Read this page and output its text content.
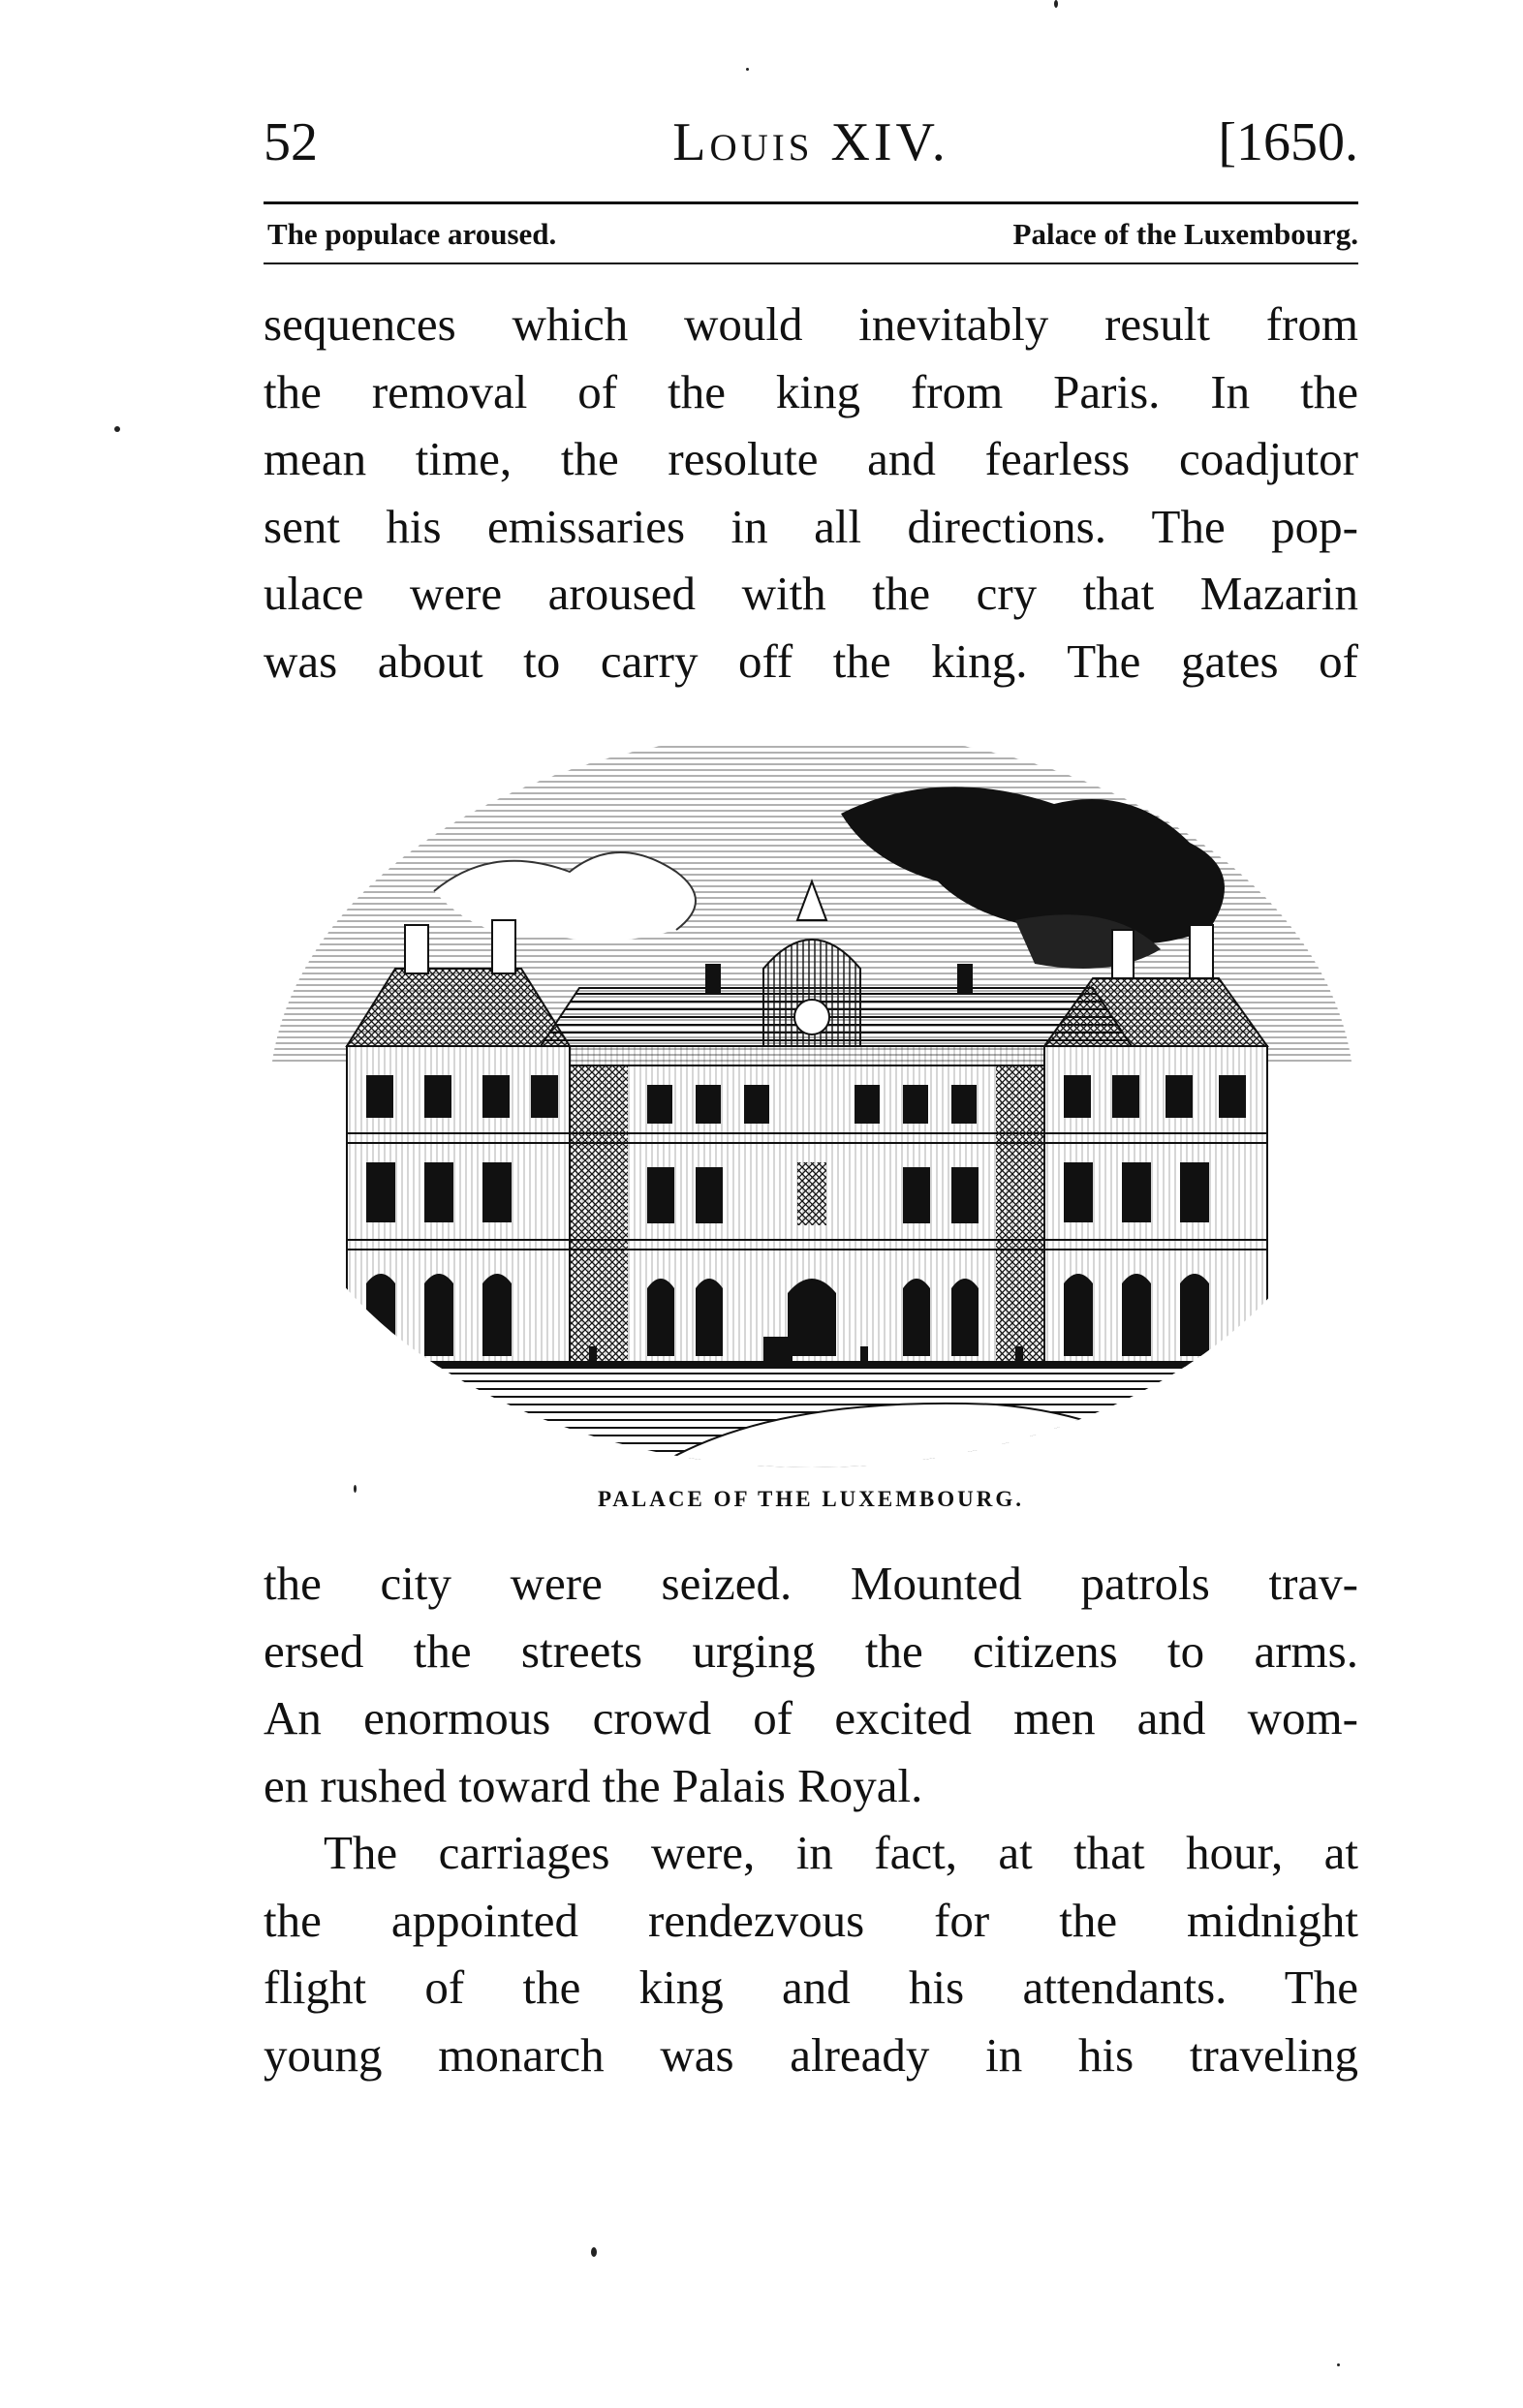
52	Louis XIV.	[1650.
The populace aroused.	Palace of the Luxembourg.
sequences which would inevitably result from
the removal of the king from Paris. In the
mean time, the resolute and fearless coadjutor
sent his emissaries in all directions. The pop-
ulace were aroused with the cry that Mazarin
was about to carry off the king. The gates of
PALACE OF THE LUXEMBOURG.
the city were seized. Mounted patrols trav-
ersed the streets urging the citizens to arms.
An enormous crowd of excited men and wom-
en rushed toward the Palais Royal.
The carriages were, in fact, at that hour, at
the appointed rendezvous for the midnight
flight of the king and his attendants. The
young monarch was already in his traveling
